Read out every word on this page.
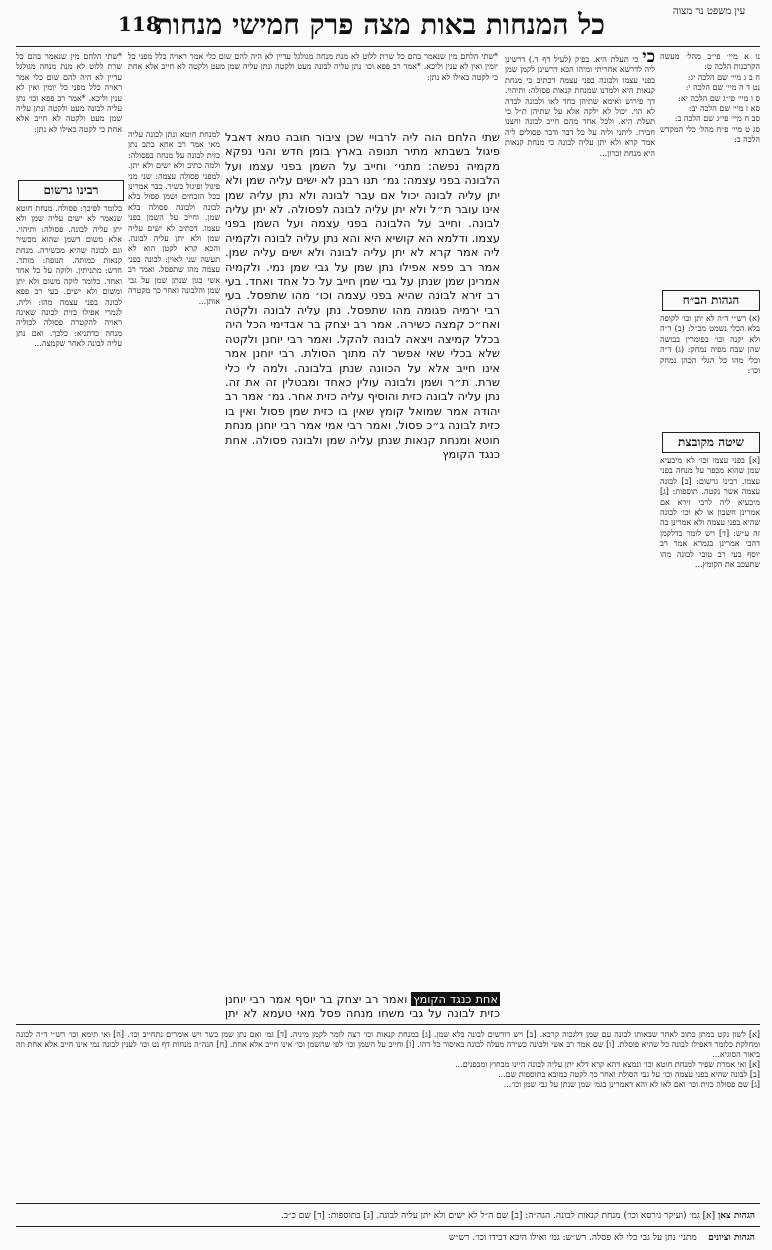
118
כל המנחות באות מצה פרק חמישי מנחות	עין משפט נר מצוה

נו א מיי׳ פי״ב מהל׳ מעשה הקרבנות הלכה ט:

ח ב ג מיי׳ שם הלכה יג:

נט ד ה מיי׳ שם הלכה י:

ס ו מיי׳ פי״ג שם הלכה יא:

סא ז מיי׳ שם הלכה יב:

סב ח מיי׳ פי״ג שם הלכה ב:

סג ט מיי׳ פ״ח מהל׳ כלי המקדש הלכה ב:

הגהות הב״ח
(א) רש״י ד״ה לא יתן וכו׳ לקופה בלא הכלי נשמט מכ״ל: (ב) ד״ה ולא יקנה וכו׳ בפומרין בבושה שהן שבח מפיה נמחק: (ג) ד״ה וכלי מהו כל הגלי הכהן נמחק וכו׳:
שיטה מקובצת
[א] בפני עצמו וכו׳ לא מיבעיא שמן שהוא מכפר על מנחה בפני עצמו. רבינו גרשום: [ב] לבונה עצמה אשר נקטה. תוספות: [ג] מיבעיא ליה לרבי זירא אם אמרינן חשבון או לא וכו׳ לבונה שהיא בפני עצמה ולא אמרינן בה זה ע״ש: [ד] ויש לומר כדלקמן דהכי אמרינן בגמרא אמר רב יוסף בעי רב טובי לבונה מהו שתעכב את הקומץ...
כי כי תעלת היא. בפ׳ק (לעיל דף ד.) דרשינן ליה לדרשא אחריתי ומיהו הכא דרשינן לקמן שמן בפני עצמו ולבונה בפני עצמה דכתיב כי מנחת קנאות היא ולמדנו שמנחת קנאות פסולה: ותיהוי. דך פירוש ואימא שתיהן בחד לאו ולבונה לבדה לא הוי. יכול לא ילקה אלא על שתיהן ת״ל כי תעלת היא. ולכל אחד מהם חייב לבונה וחצנו חבירו. ליתני וליה על כל דבר ודבר פסולים ליה אמר קרא ולא יתן עליה לבונה כי מנחת קנאות היא מנחת זכרון...
*שתי הלחם מין שנאמר בהם כל שרת ללוט לא מנת מנחה מגולגל עדיין לא היה להם שום כלי אמר ראויה כלל מפני כל יומין ואין לא ענין וליכא. *אמר רב פפא וכו׳ נתן עליה לבונה מעט ולקטה ונתן עליה שמן מעט ולקטה לא חייב אלא אחת כי לקטה כאילו לא נתן:
שתי הלחם הוה ליה לרבויי שכן ציבור חובה טמא דאבל פיגול בשבתא מתיר תנופה בארץ בומן חדש והני נפקא מקמיה נפשה: מתני׳ וחייב על השמן בפני עצמו ועל הלבונה בפני עצמה: גמ׳ תנו רבנן לא ישים עליה שמן ולא יתן עליה לבונה יכול אם עבר לבונה ולא נתן עליה שמן אינו עובר ת״ל ולא יתן עליה לבונה לפסולה. לא יתן עליה לבונה. וחייב על הלבונה בפני עצמה ועל השמן בפני עצמו. ודלמא הא קושיא היא והא נתן עליה לבונה ולקמיה ליה אמר קרא לא יתן עליה לבונה ולא ישים עליה שמן. אמר רב פפא אפילו נתן שמן על גבי שמן נמי. ולקמיה אמרינן שמן שנתן על גבי שמן חייב על כל אחד ואחד. בעי רב זירא לבונה שהיא בפני עצמה וכו׳ מהו שתפסל. בעי רבי ירמיה פגומה מהו שתפסל. נתן עליה לבונה ולקטה ואח״כ קמצה כשירה. אמר רב יצחק בר אבדימי הכל היה בכלל קמיצה ויצאה לבונה להקל. ואמר רבי יוחנן ולקטה שלא בכלי שאי אפשר לה מתוך הסולת. רבי יוחנן אמר אינו חייב אלא על הכוונה שנתן בלבונה. ולמה לי כלי שרת. ת״ר ושמן ולבונה עולין כאחד ומבטלין זה את זה. נתן עליה לבונה כזית והוסיף עליה כזית אחר. גמ׳ אמר רב יהודה אמר שמואל קומץ שאין בו כזית שמן פסול ואין בו כזית לבונה ג״כ פסול. ואמר רבי אמי אמר רבי יוחנן מנחת חוטא ומנחת קנאות שנתן עליה שמן ולבונה פסולה. אחת כנגד הקומץ
אחת כנגד הקומץ ואמר רב יצחק בר יוסף אמר רבי יוחנן כזית לבונה על גבי משחו מנחה פסל מאי טעמא לא יתן
למנחת חוטא ונתן לבונה עליה מאי אמר רב אחא כתב נתן כזית לבונה על מנחה בפסולה: ולמה כתיב ולא ישים ולא יתן. למפני פסולה עצמה: שני מני פיגול ופיגול כשיר. כבר אמרינן בכל הזבחים ושמן פסול בלא לבונה ולבונה פסולה בלא שמן. וחייב על השמן בפני עצמו. דכתיב לא ישים עליה שמן ולא יתן עליה לבונה. והכא קרא לקטן הוא לא תעשה שני לאוין: לבונה בפני עצמה מהו שתפסל. ואמר רב אשי כגון שנתן שמן על גבי שמן והלבונה ואחר כך מקטרה אותן...
רבינו גרשום
כלומר לפיכך: פסולה. מנחת חוטא שנאמר לא ישים עליה שמן ולא יתן עליה לבונה. פסולה: ותיהוי. אלא משום דשמן שהוא מכשיר וגם לבונה שהיא מכשירה. מנחת קנאות כמותה. תנופה: מותר. חדש: מתניתין. ולוקה על כל אחד ואחד. כלומר לוקה משום ולא יתן ומשום ולא ישים. בעי רב פפא לבונה בפני עצמה מהו: וליה. לגמרי אפילו כזית לבונה שאינה ראויה להקטרה פסולה לכוליה מנחה כדתניא: כלכך. ואם נתן עליה לבונה לאחר שקמצה...
*שתי הלחם מין שנאמר בהם כל שרת ללוט לא מנת מנחה מגולגל עדיין לא היה להם שום כלי אמר ראויה כלל מפני כל יומין ואין לא ענין וליכא. *אמר רב פפא וכו׳ נתן עליה לבונה מעט ולקטה ונתן עליה שמן מעט ולקטה לא חייב אלא אחת כי לקטה כאילו לא נתן:

[א] לשון נקט במתן כתוב לאחר שבאותו לבונה עם שמן דלגכוה קרבא. [ב] ויש דורשים לבונה בלא שמן. [ג] במנחת קנאות וכו׳ רצה לומר לקמן מיניה. [ד] גמ׳ ואם נתן שמן כשר ויש אומרים נתחייב וכו׳. [ה] ואי תימא וכו׳ רש״י ד״ה לבונה ומחלקת כלומר דאפילו לבונה כל שהיא פוסלת. [ו] שם אמר רב אשי ולבונה כשירה מעלה לבונה באיסור כל דהו. [ז] וחייב על השמן וכו׳ לפי שהשמן וכו׳ אינו חייב אלא אחת. [ח] הגה״ה מנחות דף נט וכו׳ לענין לבונה נמי אינו חייב אלא אחת וזה ביאור הסוגיא...

[א] ואי אמרת שפיר למנחת חוטא וכו׳ ונמצא דהא קרא דלא יתן עליה לבונה היינו מבחוץ ומבפנים...

[ב] לבונה שהיא בפני עצמה וכו׳ על גבי הסולת ואחר כך לקטה כמובא בתוספות שם...

[ג] שם פסולה כזית וכו׳ ואם לאו לא והא דאמרינן בגמ׳ שמן שנתן על גבי שמן וכו׳...

הגהות צאן [א] גמ׳ (ועיקר גירסא וכו׳) מנחת קנאות לבונה. הגה״ה: [ב] שם ה״ל לא ישים ולא יתן עליה לבונה. [ג] בתוספות: [ד] שם כ״ב.
הגהות וציונים    מתני׳ נתן על גבי כלי לא פסלה. רש״ש: גמ׳ ואילו היכא דבידו וכו׳. רש״ש
